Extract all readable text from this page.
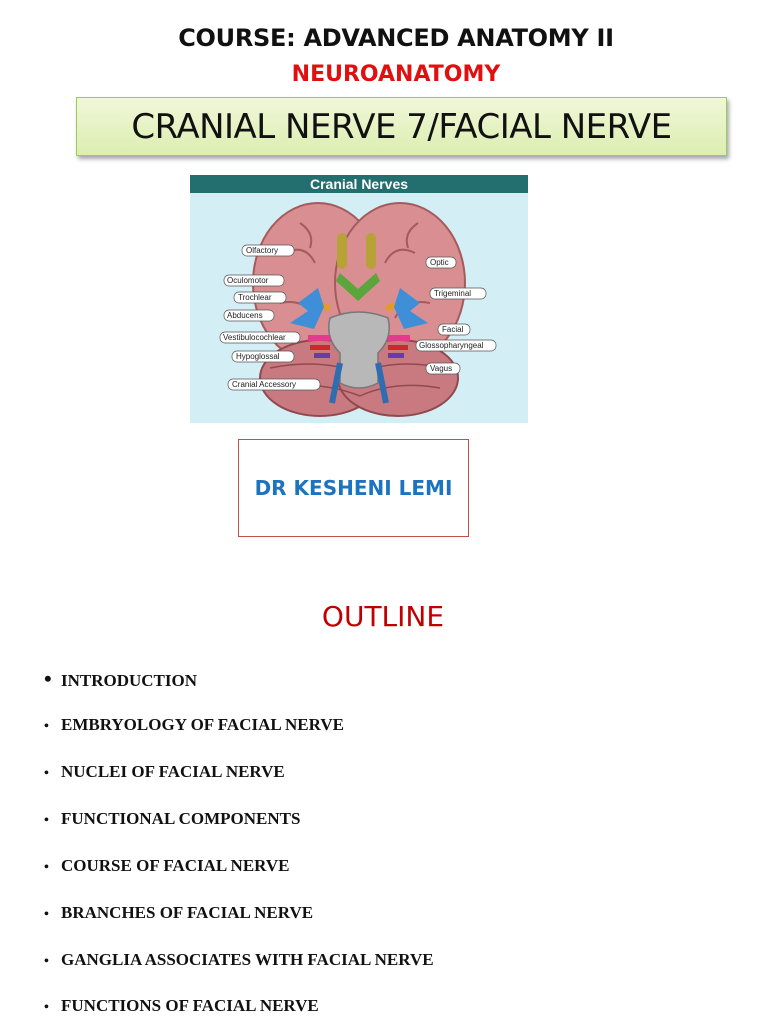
COURSE: ADVANCED ANATOMY II
NEUROANATOMY
CRANIAL NERVE 7/FACIAL NERVE
Cranial Nerves
Olfactory
Optic
Oculomotor
Trigeminal
Trochlear
Abducens
Facial
Vestibulocochlear
Glossopharyngeal
Hypoglossal
Vagus
Cranial Accessory
DR KESHENI LEMI
OUTLINE
• INTRODUCTION
• EMBRYOLOGY OF FACIAL NERVE
• NUCLEI OF FACIAL NERVE
• FUNCTIONAL COMPONENTS
• COURSE OF FACIAL NERVE
• BRANCHES OF FACIAL NERVE
• GANGLIA ASSOCIATES WITH FACIAL NERVE
• FUNCTIONS OF FACIAL NERVE
